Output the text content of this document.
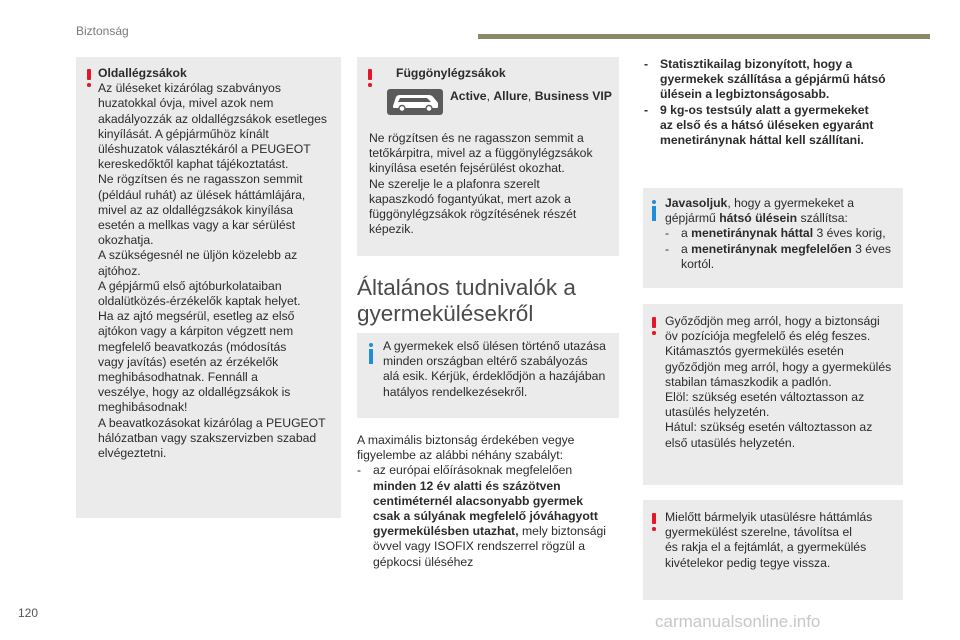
Biztonság
Oldallégzsákok
Az üléseket kizárólag szabványos
huzatokkal óvja, mivel azok nem
akadályozzák az oldallégzsákok esetleges
kinyílását. A gépjárműhöz kínált
üléshuzatok választékáról a PEUGEOT
kereskedőktől kaphat tájékoztatást.
Ne rögzítsen és ne ragasszon semmit
(például ruhát) az ülések háttámlájára,
mivel az az oldallégzsákok kinyílása
esetén a mellkas vagy a kar sérülést
okozhatja.
A szükségesnél ne üljön közelebb az
ajtóhoz.
A gépjármű első ajtóburkolataiban
oldalütközés-érzékelők kaptak helyet.
Ha az ajtó megsérül, esetleg az első
ajtókon vagy a kárpiton végzett nem
megfelelő beavatkozás (módosítás
vagy javítás) esetén az érzékelők
meghibásodhatnak. Fennáll a
veszélye, hogy az oldallégzsákok is
meghibásodnak!
A beavatkozásokat kizárólag a PEUGEOT
hálózatban vagy szakszervizben szabad
elvégeztetni.
Függönylégzsákok
Active, Allure, Business VIP
Ne rögzítsen és ne ragasszon semmit a
tetőkárpitra, mivel az a függönylégzsákok
kinyílása esetén fejsérülést okozhat.
Ne szerelje le a plafonra szerelt
kapaszkodó fogantyúkat, mert azok a
függönylégzsákok rögzítésének részét
képezik.
Általános tudnivalók a
gyermekülésekről
A gyermekek első ülésen történő utazása
minden országban eltérő szabályozás
alá esik. Kérjük, érdeklődjön a hazájában
hatályos rendelkezésekről.
A maximális biztonság érdekében vegye
figyelembe az alábbi néhány szabályt:
- az európai előírásoknak megfelelően
minden 12 év alatti és százötven
centiméternél alacsonyabb gyermek
csak a súlyának megfelelő jóváhagyott
gyermekülésben utazhat, mely biztonsági
övvel vagy ISOFIX rendszerrel rögzül a
gépkocsi üléséhez
- Statisztikailag bizonyított, hogy a
gyermekek szállítása a gépjármű hátsó
ülésein a legbiztonságosabb.
- 9 kg-os testsúly alatt a gyermekeket
az első és a hátsó üléseken egyaránt
menetiránynak háttal kell szállítani.
Javasoljuk, hogy a gyermekeket a
gépjármű hátsó ülésein szállítsa:
- a menetiránynak háttal 3 éves korig,
- a menetiránynak megfelelően 3 éves
kortól.
Győződjön meg arról, hogy a biztonsági
öv pozíciója megfelelő és elég feszes.
Kitámasztós gyermekülés esetén
győződjön meg arról, hogy a gyermekülés
stabilan támaszkodik a padlón.
Elöl: szükség esetén változtasson az
utasülés helyzetén.
Hátul: szükség esetén változtasson az
első utasülés helyzetén.
Mielőtt bármelyik utasülésre háttámlás
gyermekülést szerelne, távolítsa el
és rakja el a fejtámlát, a gyermekülés
kivételekor pedig tegye vissza.
120	carmanualsonline.info
